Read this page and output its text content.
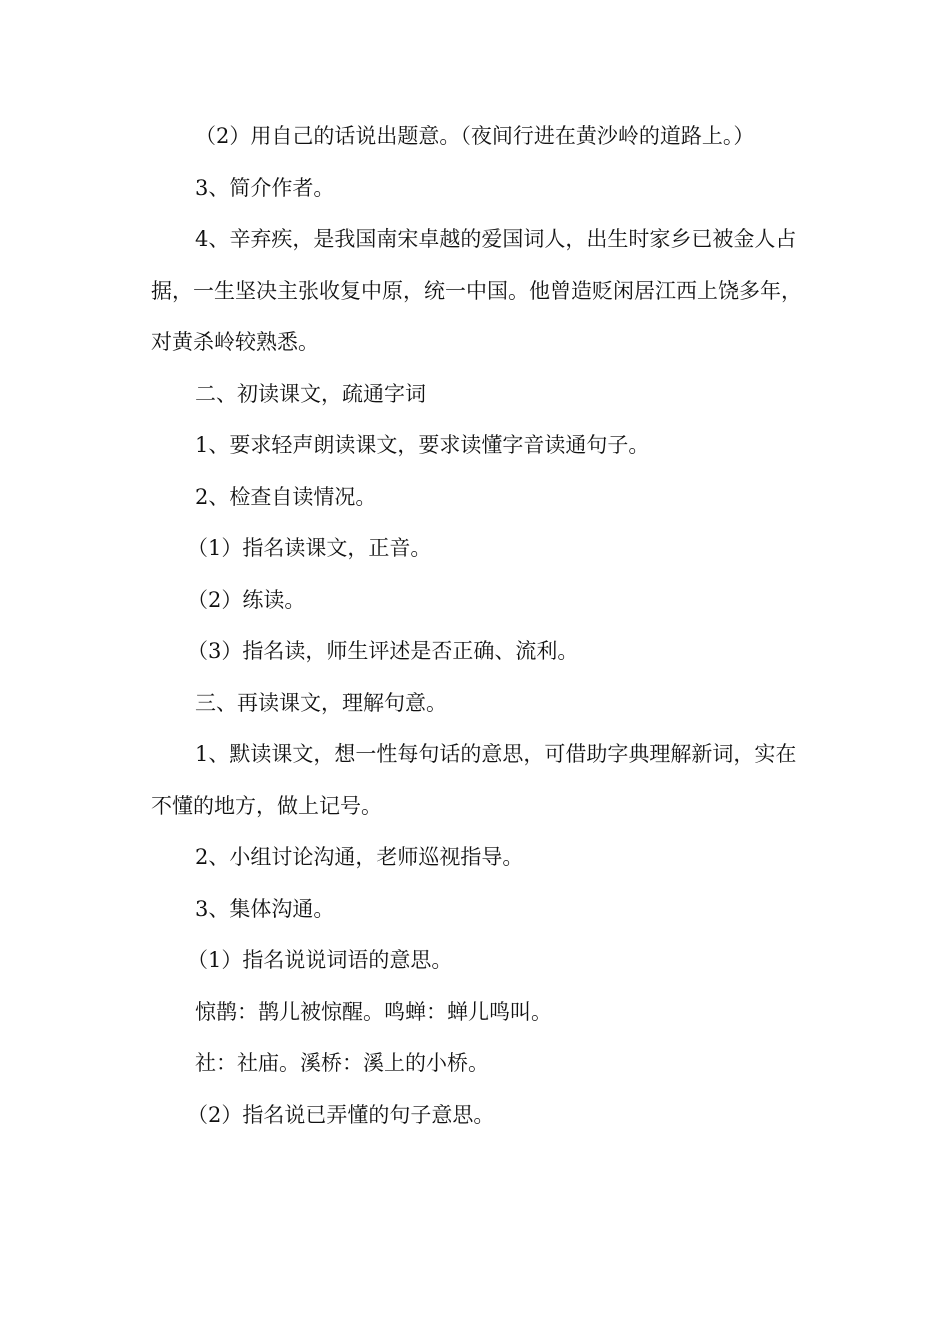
（2）用自己的话说出题意。（夜间行进在黄沙岭的道路上。）

3、简介作者。

4、辛弃疾，是我国南宋卓越的爱国词人，出生时家乡已被金人占据，一生坚决主张收复中原，统一中国。他曾造贬闲居江西上饶多年，对黄杀岭较熟悉。

二、初读课文，疏通字词

1、要求轻声朗读课文，要求读懂字音读通句子。

2、检查自读情况。

（1）指名读课文，正音。

（2）练读。

（3）指名读，师生评述是否正确、流利。

三、再读课文，理解句意。

1、默读课文，想一性每句话的意思，可借助字典理解新词，实在不懂的地方，做上记号。

2、小组讨论沟通，老师巡视指导。

3、集体沟通。

（1）指名说说词语的意思。

惊鹊：鹊儿被惊醒。鸣蝉：蝉儿鸣叫。

社：社庙。溪桥：溪上的小桥。

（2）指名说已弄懂的句子意思。
